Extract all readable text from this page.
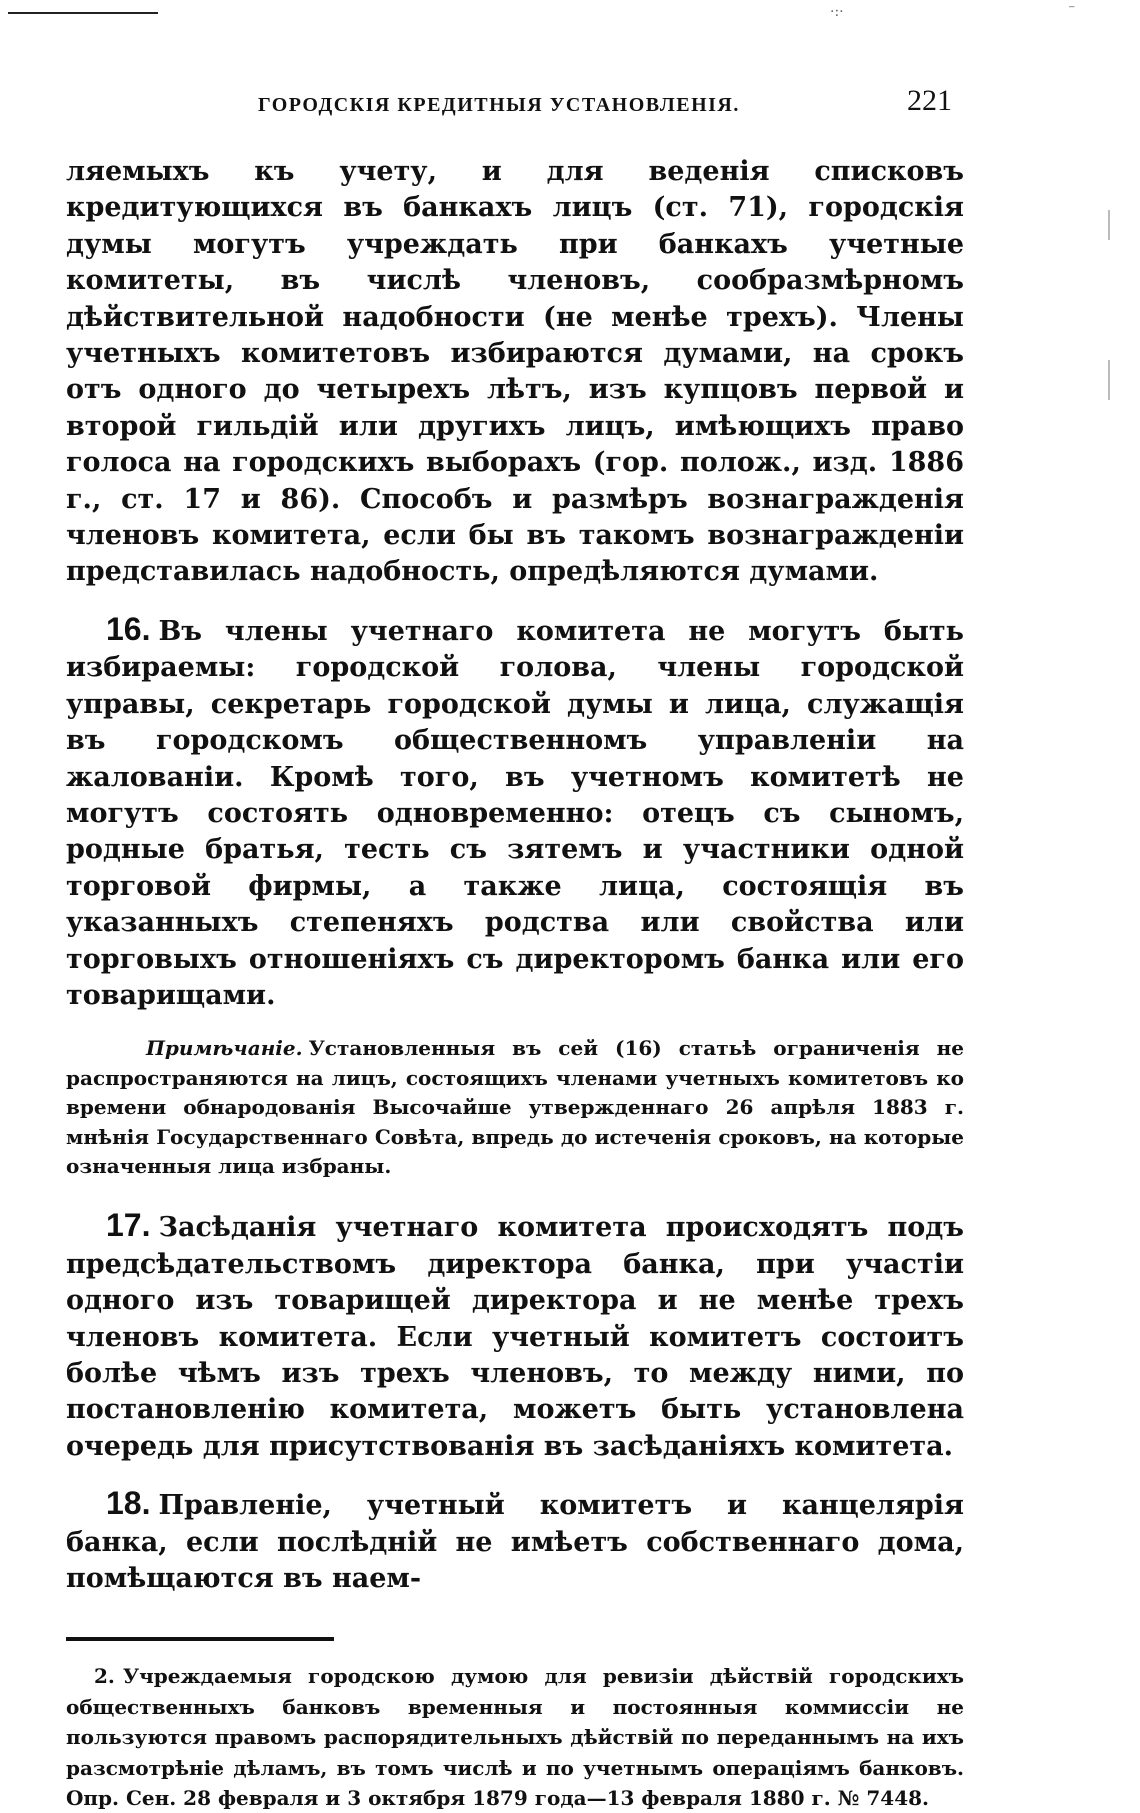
·:·	⁻
ГОРОДСКІЯ КРЕДИТНЫЯ УСТАНОВЛЕНІЯ.	221

ляемыхъ къ учету, и для веденія списковъ кредитующихся въ банкахъ лицъ (ст. 71), городскія думы могутъ учреждать при банкахъ учетные комитеты, въ числѣ членовъ, сообразмѣрномъ дѣйствительной надобности (не менѣе трехъ). Члены учетныхъ комитетовъ избираются думами, на срокъ отъ одного до четырехъ лѣтъ, изъ купцовъ первой и второй гильдій или другихъ лицъ, имѣющихъ право голоса на городскихъ выборахъ (гор. полож., изд. 1886 г., ст. 17 и 86). Способъ и размѣръ вознагражденія членовъ комитета, если бы въ такомъ вознагражденіи представилась надобность, опредѣляются думами.

16. Въ члены учетнаго комитета не могутъ быть избираемы: городской голова, члены городской управы, секретарь городской думы и лица, служащія въ городскомъ общественномъ управленіи на жалованіи. Кромѣ того, въ учетномъ комитетѣ не могутъ состоять одновременно: отецъ съ сыномъ, родные братья, тесть съ зятемъ и участники одной торговой фирмы, а также лица, состоящія въ указанныхъ степеняхъ родства или свойства или торговыхъ отношеніяхъ съ директоромъ банка или его товарищами.

Примѣчаніе. Установленныя въ сей (16) статьѣ ограниченія не распространяются на лицъ, состоящихъ членами учетныхъ комитетовъ ко времени обнародованія Высочайше утвержденнаго 26 апрѣля 1883 г. мнѣнія Государственнаго Совѣта, впредь до истеченія сроковъ, на которые означенныя лица избраны.

17. Засѣданія учетнаго комитета происходятъ подъ предсѣдательствомъ директора банка, при участіи одного изъ товарищей директора и не менѣе трехъ членовъ комитета. Если учетный комитетъ состоитъ болѣе чѣмъ изъ трехъ членовъ, то между ними, по постановленію комитета, можетъ быть установлена очередь для присутствованія въ засѣданіяхъ комитета.

18. Правленіе, учетный комитетъ и канцелярія банка, если послѣдній не имѣетъ собственнаго дома, помѣщаются въ наем-

2. Учреждаемыя городскою думою для ревизіи дѣйствій городскихъ общественныхъ банковъ временныя и постоянныя коммиссіи не пользуются правомъ распорядительныхъ дѣйствій по переданнымъ на ихъ разсмотрѣніе дѣламъ, въ томъ числѣ и по учетнымъ операціямъ банковъ. Опр. Сен. 28 февраля и 3 октября 1879 года—13 февраля 1880 г. № 7448.
